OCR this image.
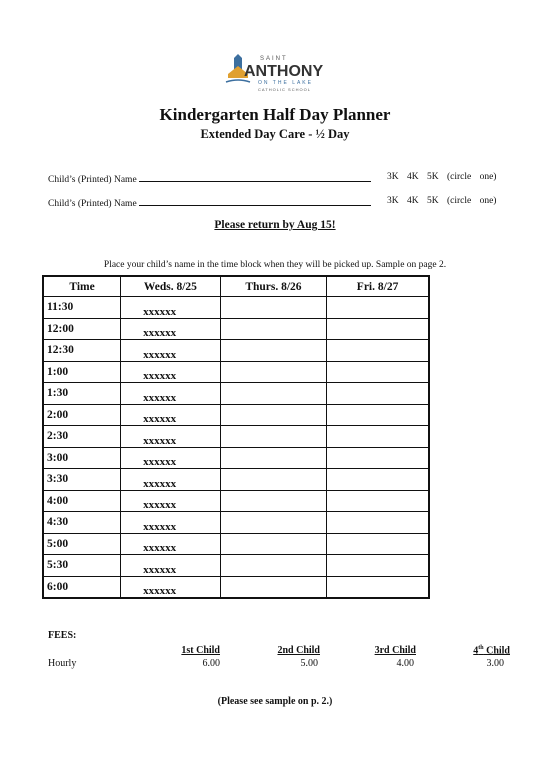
SAINT
ANTHONY
ON THE LAKE
CATHOLIC SCHOOL
Kindergarten Half Day Planner
Extended Day Care - ½ Day
Child’s (Printed) Name	3K 4K 5K (circle one)
Child’s (Printed) Name	3K 4K 5K (circle one)
Please return by Aug 15!
Place your child’s name in the time block when they will be picked up. Sample on page 2.
Time	Weds. 8/25	Thurs. 8/26	Fri. 8/27
11:30	xxxxxx		
12:00	xxxxxx		
12:30	xxxxxx		
1:00	xxxxxx		
1:30	xxxxxx		
2:00	xxxxxx		
2:30	xxxxxx		
3:00	xxxxxx		
3:30	xxxxxx		
4:00	xxxxxx		
4:30	xxxxxx		
5:00	xxxxxx		
5:30	xxxxxx		
6:00	xxxxxx		
FEES:
1st Child	2nd Child	3rd Child	4th Child
Hourly	6.00	5.00	4.00	3.00
(Please see sample on p. 2.)
